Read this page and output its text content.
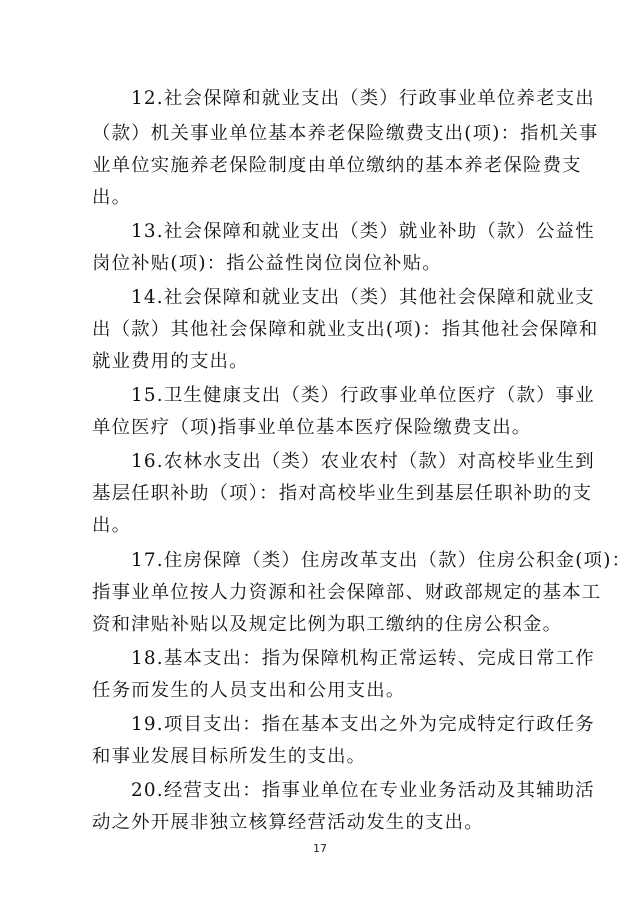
12.社会保障和就业支出（类）行政事业单位养老支出
（款）机关事业单位基本养老保险缴费支出(项)：指机关事
业单位实施养老保险制度由单位缴纳的基本养老保险费支
出。
13.社会保障和就业支出（类）就业补助（款）公益性
岗位补贴(项)：指公益性岗位岗位补贴。
14.社会保障和就业支出（类）其他社会保障和就业支
出（款）其他社会保障和就业支出(项)：指其他社会保障和
就业费用的支出。
15.卫生健康支出（类）行政事业单位医疗（款）事业
单位医疗（项)指事业单位基本医疗保险缴费支出。
16.农林水支出（类）农业农村（款）对高校毕业生到
基层任职补助（项）：指对高校毕业生到基层任职补助的支
出。
17.住房保障（类）住房改革支出（款）住房公积金(项)：
指事业单位按人力资源和社会保障部、财政部规定的基本工
资和津贴补贴以及规定比例为职工缴纳的住房公积金。
18.基本支出：指为保障机构正常运转、完成日常工作
任务而发生的人员支出和公用支出。
19.项目支出：指在基本支出之外为完成特定行政任务
和事业发展目标所发生的支出。
20.经营支出：指事业单位在专业业务活动及其辅助活
动之外开展非独立核算经营活动发生的支出。
17
